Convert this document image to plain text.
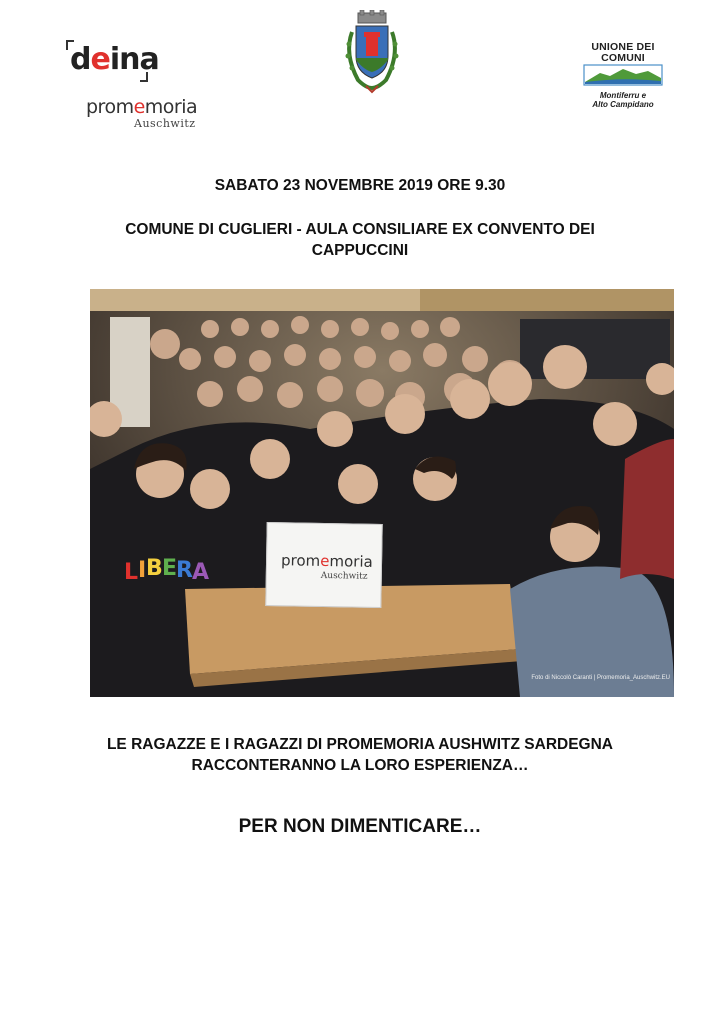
deina
promemoria
Auschwitz
UNIONE DEI
COMUNI
Montiferru e
Alto Campidano
SABATO 23 NOVEMBRE 2019 ORE 9.30
COMUNE DI CUGLIERI - AULA CONSILIARE EX CONVENTO DEI CAPPUCCINI
L I B E
R A	promemoria
Auschwitz
Foto di Niccolò Caranti | Promemoria_Auschwitz.EU
LE RAGAZZE E I RAGAZZI DI PROMEMORIA AUSHWITZ SARDEGNA RACCONTERANNO LA LORO ESPERIENZA…
PER NON DIMENTICARE…
